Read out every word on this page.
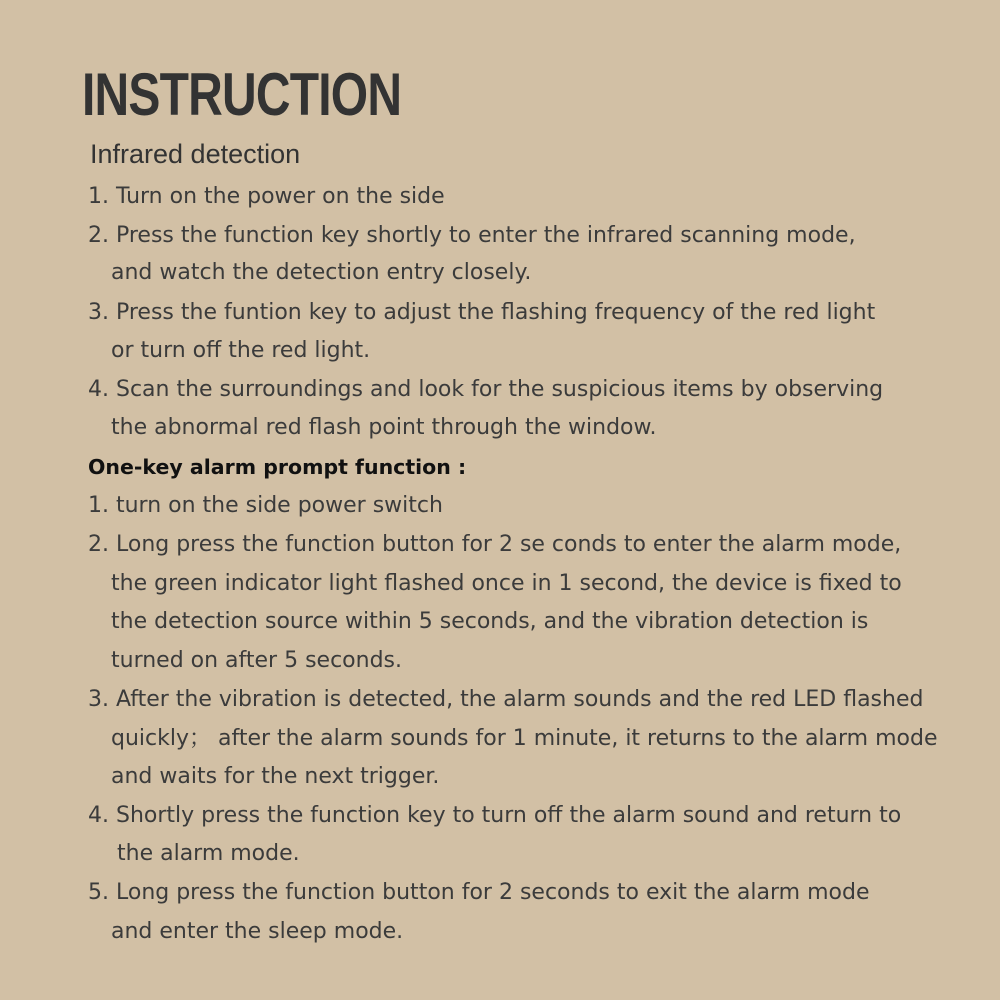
INSTRUCTION
Infrared detection
1. Turn on the power on the side
2. Press the function key shortly to enter the infrared scanning mode,
and watch the detection entry closely.
3. Press the funtion key to adjust the flashing frequency of the red light
or turn off the red light.
4. Scan the surroundings and look for the suspicious items by observing
the abnormal red flash point through the window.
One-key alarm prompt function :
1. turn on the side power switch
2. Long press the function button for 2 se conds to enter the alarm mode,
the green indicator light flashed once in 1 second, the device is fixed to
the detection source within 5 seconds, and the vibration detection is
turned on after 5 seconds.
3. After the vibration is detected, the alarm sounds and the red LED flashed
quickly； after the alarm sounds for 1 minute, it returns to the alarm mode
and waits for the next trigger.
4. Shortly press the function key to turn off the alarm sound and return to
the alarm mode.
5. Long press the function button for 2 seconds to exit the alarm mode
and enter the sleep mode.
